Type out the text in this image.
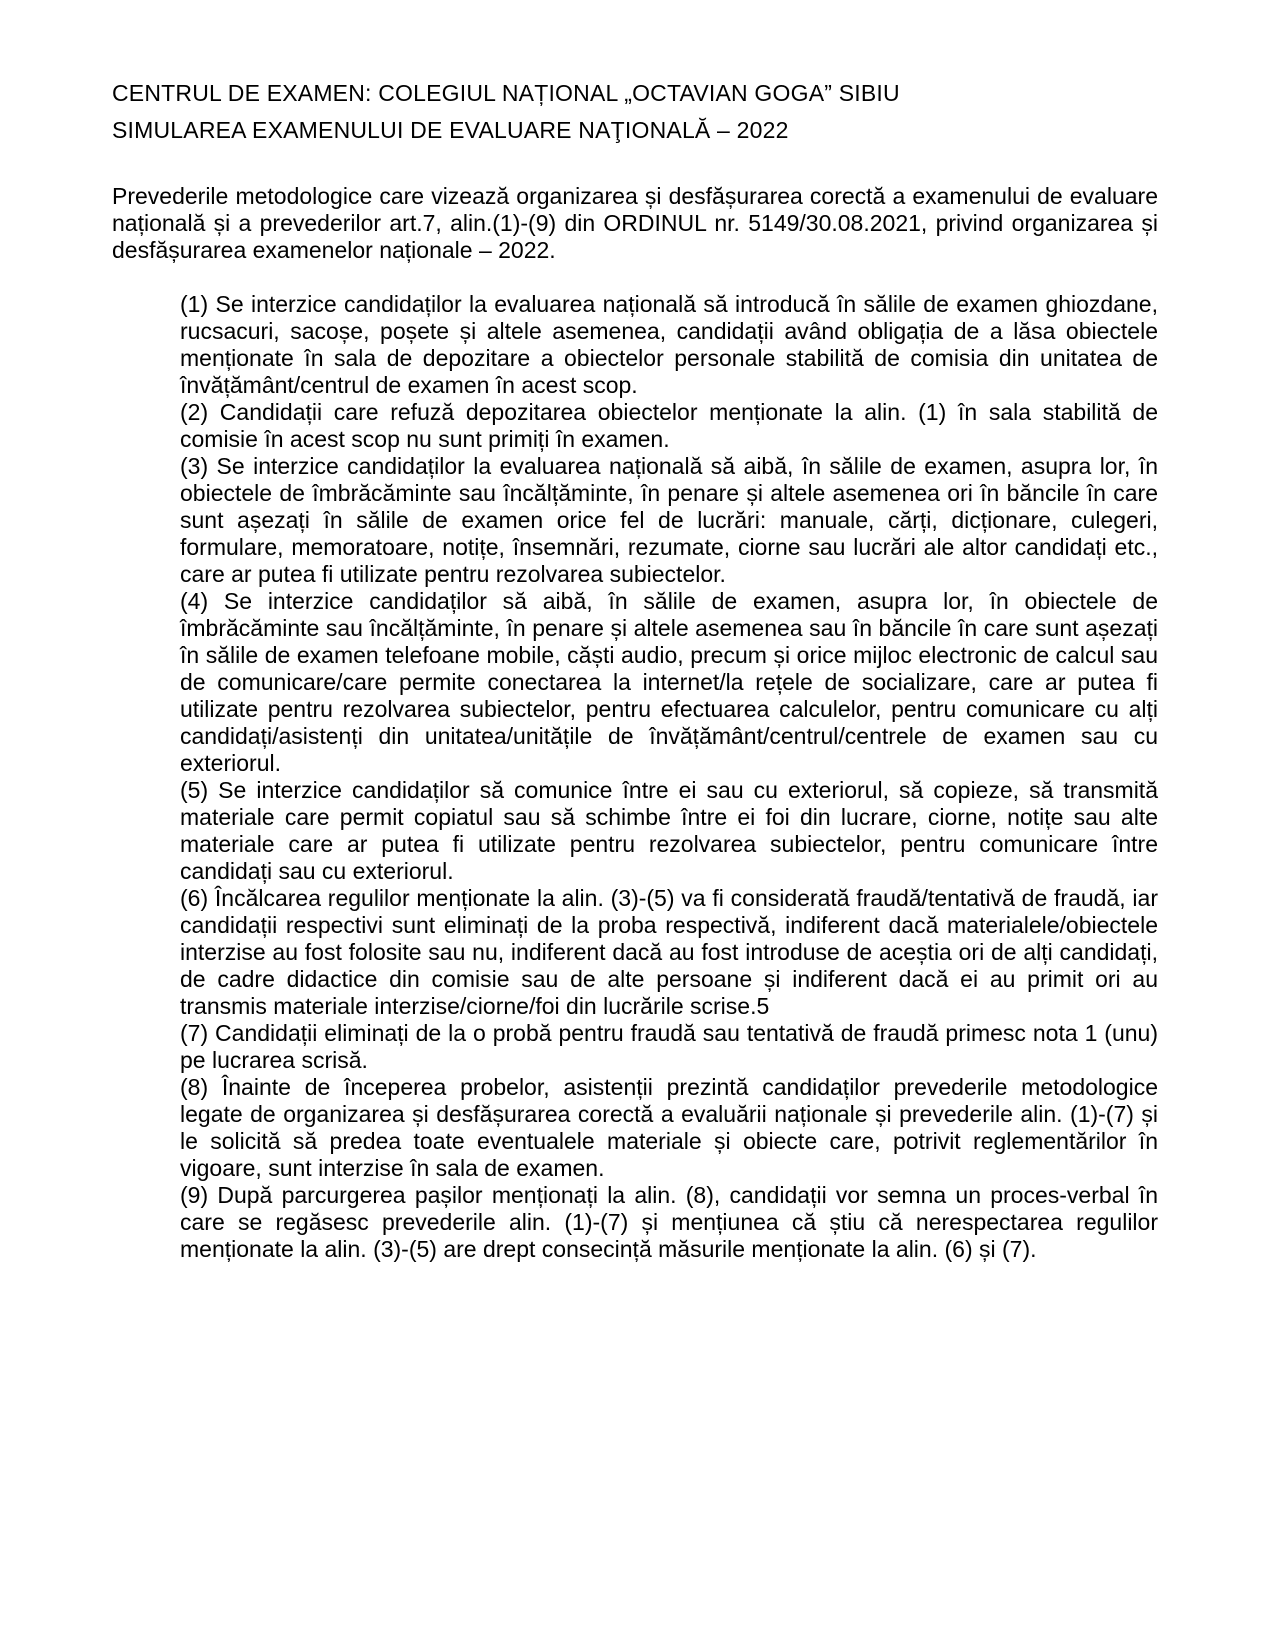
CENTRUL DE EXAMEN: COLEGIUL NAȚIONAL „OCTAVIAN GOGA” SIBIU
SIMULAREA EXAMENULUI DE EVALUARE NAŢIONALĂ – 2022

Prevederile metodologice care vizează organizarea și desfășurarea corectă a examenului de evaluare națională și a prevederilor art.7, alin.(1)-(9) din ORDINUL nr. 5149/30.08.2021, privind organizarea și desfășurarea examenelor naționale – 2022.

(1) Se interzice candidaților la evaluarea națională să introducă în sălile de examen ghiozdane, rucsacuri, sacoșe, poșete și altele asemenea, candidații având obligația de a lăsa obiectele menționate în sala de depozitare a obiectelor personale stabilită de comisia din unitatea de învățământ/centrul de examen în acest scop.

(2) Candidații care refuză depozitarea obiectelor menționate la alin. (1) în sala stabilită de comisie în acest scop nu sunt primiți în examen.

(3) Se interzice candidaților la evaluarea națională să aibă, în sălile de examen, asupra lor, în obiectele de îmbrăcăminte sau încălțăminte, în penare și altele asemenea ori în băncile în care sunt așezați în sălile de examen orice fel de lucrări: manuale, cărți, dicționare, culegeri, formulare, memoratoare, notițe, însemnări, rezumate, ciorne sau lucrări ale altor candidați etc., care ar putea fi utilizate pentru rezolvarea subiectelor.

(4) Se interzice candidaților să aibă, în sălile de examen, asupra lor, în obiectele de îmbrăcăminte sau încălțăminte, în penare și altele asemenea sau în băncile în care sunt așezați în sălile de examen telefoane mobile, căști audio, precum și orice mijloc electronic de calcul sau de comunicare/care permite conectarea la internet/la rețele de socializare, care ar putea fi utilizate pentru rezolvarea subiectelor, pentru efectuarea calculelor, pentru comunicare cu alți candidați/asistenți din unitatea/unitățile de învățământ/centrul/centrele de examen sau cu exteriorul.

(5) Se interzice candidaților să comunice între ei sau cu exteriorul, să copieze, să transmită materiale care permit copiatul sau să schimbe între ei foi din lucrare, ciorne, notițe sau alte materiale care ar putea fi utilizate pentru rezolvarea subiectelor, pentru comunicare între candidați sau cu exteriorul.

(6) Încălcarea regulilor menționate la alin. (3)-(5) va fi considerată fraudă/tentativă de fraudă, iar candidații respectivi sunt eliminați de la proba respectivă, indiferent dacă materialele/obiectele interzise au fost folosite sau nu, indiferent dacă au fost introduse de aceștia ori de alți candidați, de cadre didactice din comisie sau de alte persoane și indiferent dacă ei au primit ori au transmis materiale interzise/ciorne/foi din lucrările scrise.5

(7) Candidații eliminați de la o probă pentru fraudă sau tentativă de fraudă primesc nota 1 (unu) pe lucrarea scrisă.

(8) Înainte de începerea probelor, asistenții prezintă candidaților prevederile metodologice legate de organizarea și desfășurarea corectă a evaluării naționale și prevederile alin. (1)-(7) și le solicită să predea toate eventualele materiale și obiecte care, potrivit reglementărilor în vigoare, sunt interzise în sala de examen.

(9) După parcurgerea pașilor menționați la alin. (8), candidații vor semna un proces-verbal în care se regăsesc prevederile alin. (1)-(7) și mențiunea că știu că nerespectarea regulilor menționate la alin. (3)-(5) are drept consecință măsurile menționate la alin. (6) și (7).
